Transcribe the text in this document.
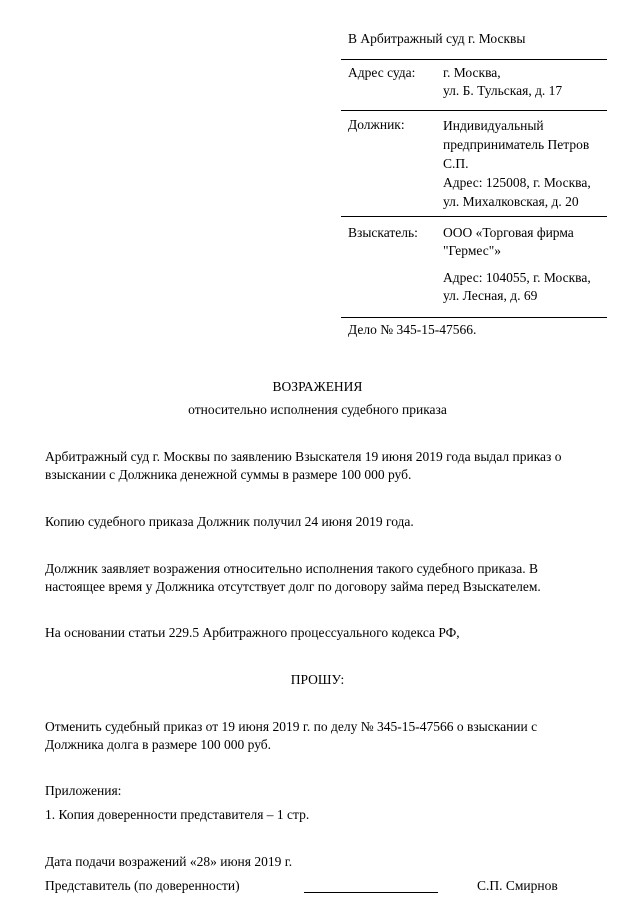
В Арбитражный суд г. Москвы
Адрес суда: г. Москва,
ул. Б. Тульская, д. 17
Должник:	Индивидуальный
предприниматель Петров
С.П.
Адрес: 125008, г. Москва,
ул. Михалковская, д. 20
Взыскатель: ООО «Торговая фирма
"Гермес"»
Адрес: 104055, г. Москва,
ул. Лесная, д. 69
Дело № 345-15-47566.
ВОЗРАЖЕНИЯ
относительно исполнения судебного приказа
Арбитражный суд г. Москвы по заявлению Взыскателя 19 июня 2019 года выдал приказ о
взыскании с Должника денежной суммы в размере 100 000 руб.
Копию судебного приказа Должник получил 24 июня 2019 года.
Должник заявляет возражения относительно исполнения такого судебного приказа. В
настоящее время у Должника отсутствует долг по договору займа перед Взыскателем.
На основании статьи 229.5 Арбитражного процессуального кодекса РФ,
ПРОШУ:
Отменить судебный приказ от 19 июня 2019 г. по делу № 345-15-47566 о взыскании с
Должника долга в размере 100 000 руб.
Приложения:
1. Копия доверенности представителя – 1 стр.
Дата подачи возражений «28» июня 2019 г.
Представитель (по доверенности)	С.П. Смирнов
